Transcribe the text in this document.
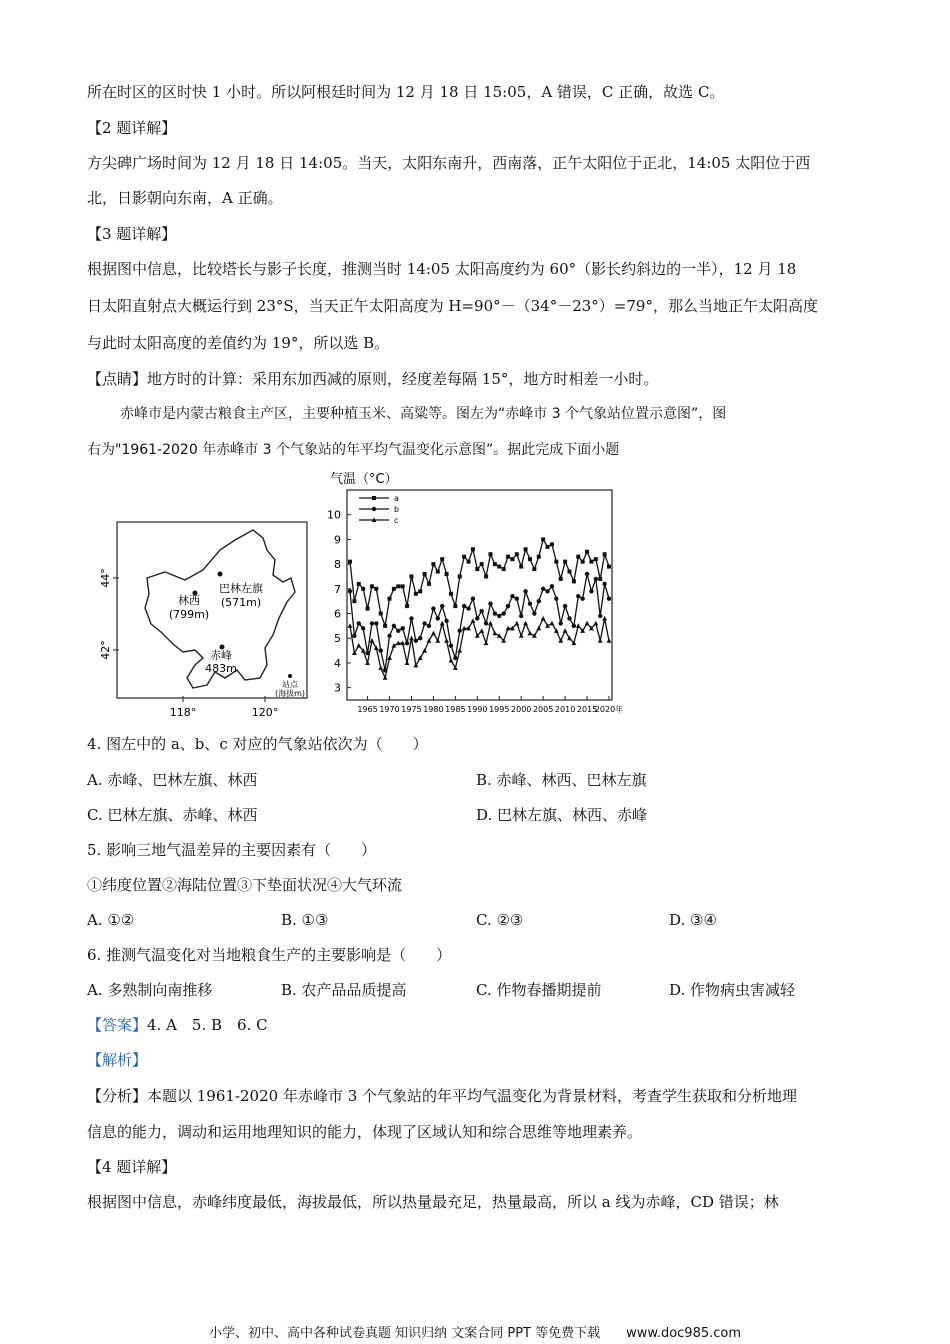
所在时区的区时快 1 小时。所以阿根廷时间为 12 月 18 日 15:05，A 错误，C 正确，故选 C。
【2 题详解】
方尖碑广场时间为 12 月 18 日 14:05。当天，太阳东南升，西南落，正午太阳位于正北，14:05 太阳位于西
北，日影朝向东南，A 正确。
【3 题详解】
根据图中信息，比较塔长与影子长度，推测当时 14:05 太阳高度约为 60°（影长约斜边的一半），12 月 18
日太阳直射点大概运行到 23°S，当天正午太阳高度为 H=90°－（34°－23°）=79°，那么当地正午太阳高度
与此时太阳高度的差值约为 19°，所以选 B。
【点睛】地方时的计算：采用东加西减的原则，经度差每隔 15°，地方时相差一小时。
赤峰市是内蒙古粮食主产区，主要种植玉米、高粱等。图左为“赤峰市 3 个气象站位置示意图”，图
右为"1961-2020 年赤峰市 3 个气象站的年平均气温变化示意图”。据此完成下面小题
44°
42°
118°	120°
林西
(799m)
巴林左旗
(571m)
赤峰
483m
站点
(海拔m)
气温（°C）
3
4
5
6
7
8
9
10
1965 1970 1975 1980 1985 1990 1995 2000 2005 2010 2015
2020年
a
b
c
4. 图左中的 a、b、c 对应的气象站依次为（　　）
A. 赤峰、巴林左旗、林西	B. 赤峰、林西、巴林左旗
C. 巴林左旗、赤峰、林西	D. 巴林左旗、林西、赤峰
5. 影响三地气温差异的主要因素有（　　）
①纬度位置②海陆位置③下垫面状况④大气环流
A. ①②	B. ①③	C. ②③	D. ③④
6. 推测气温变化对当地粮食生产的主要影响是（　　）
A. 多熟制向南推移	B. 农产品品质提高	C. 作物春播期提前	D. 作物病虫害减轻
【答案】4. A　5. B　6. C
【解析】
【分析】本题以 1961-2020 年赤峰市 3 个气象站的年平均气温变化为背景材料，考查学生获取和分析地理
信息的能力，调动和运用地理知识的能力，体现了区域认知和综合思维等地理素养。
【4 题详解】
根据图中信息，赤峰纬度最低，海拔最低，所以热量最充足，热量最高，所以 a 线为赤峰，CD 错误；林
小学、初中、高中各种试卷真题 知识归纳 文案合同 PPT 等免费下载　　www.doc985.com
